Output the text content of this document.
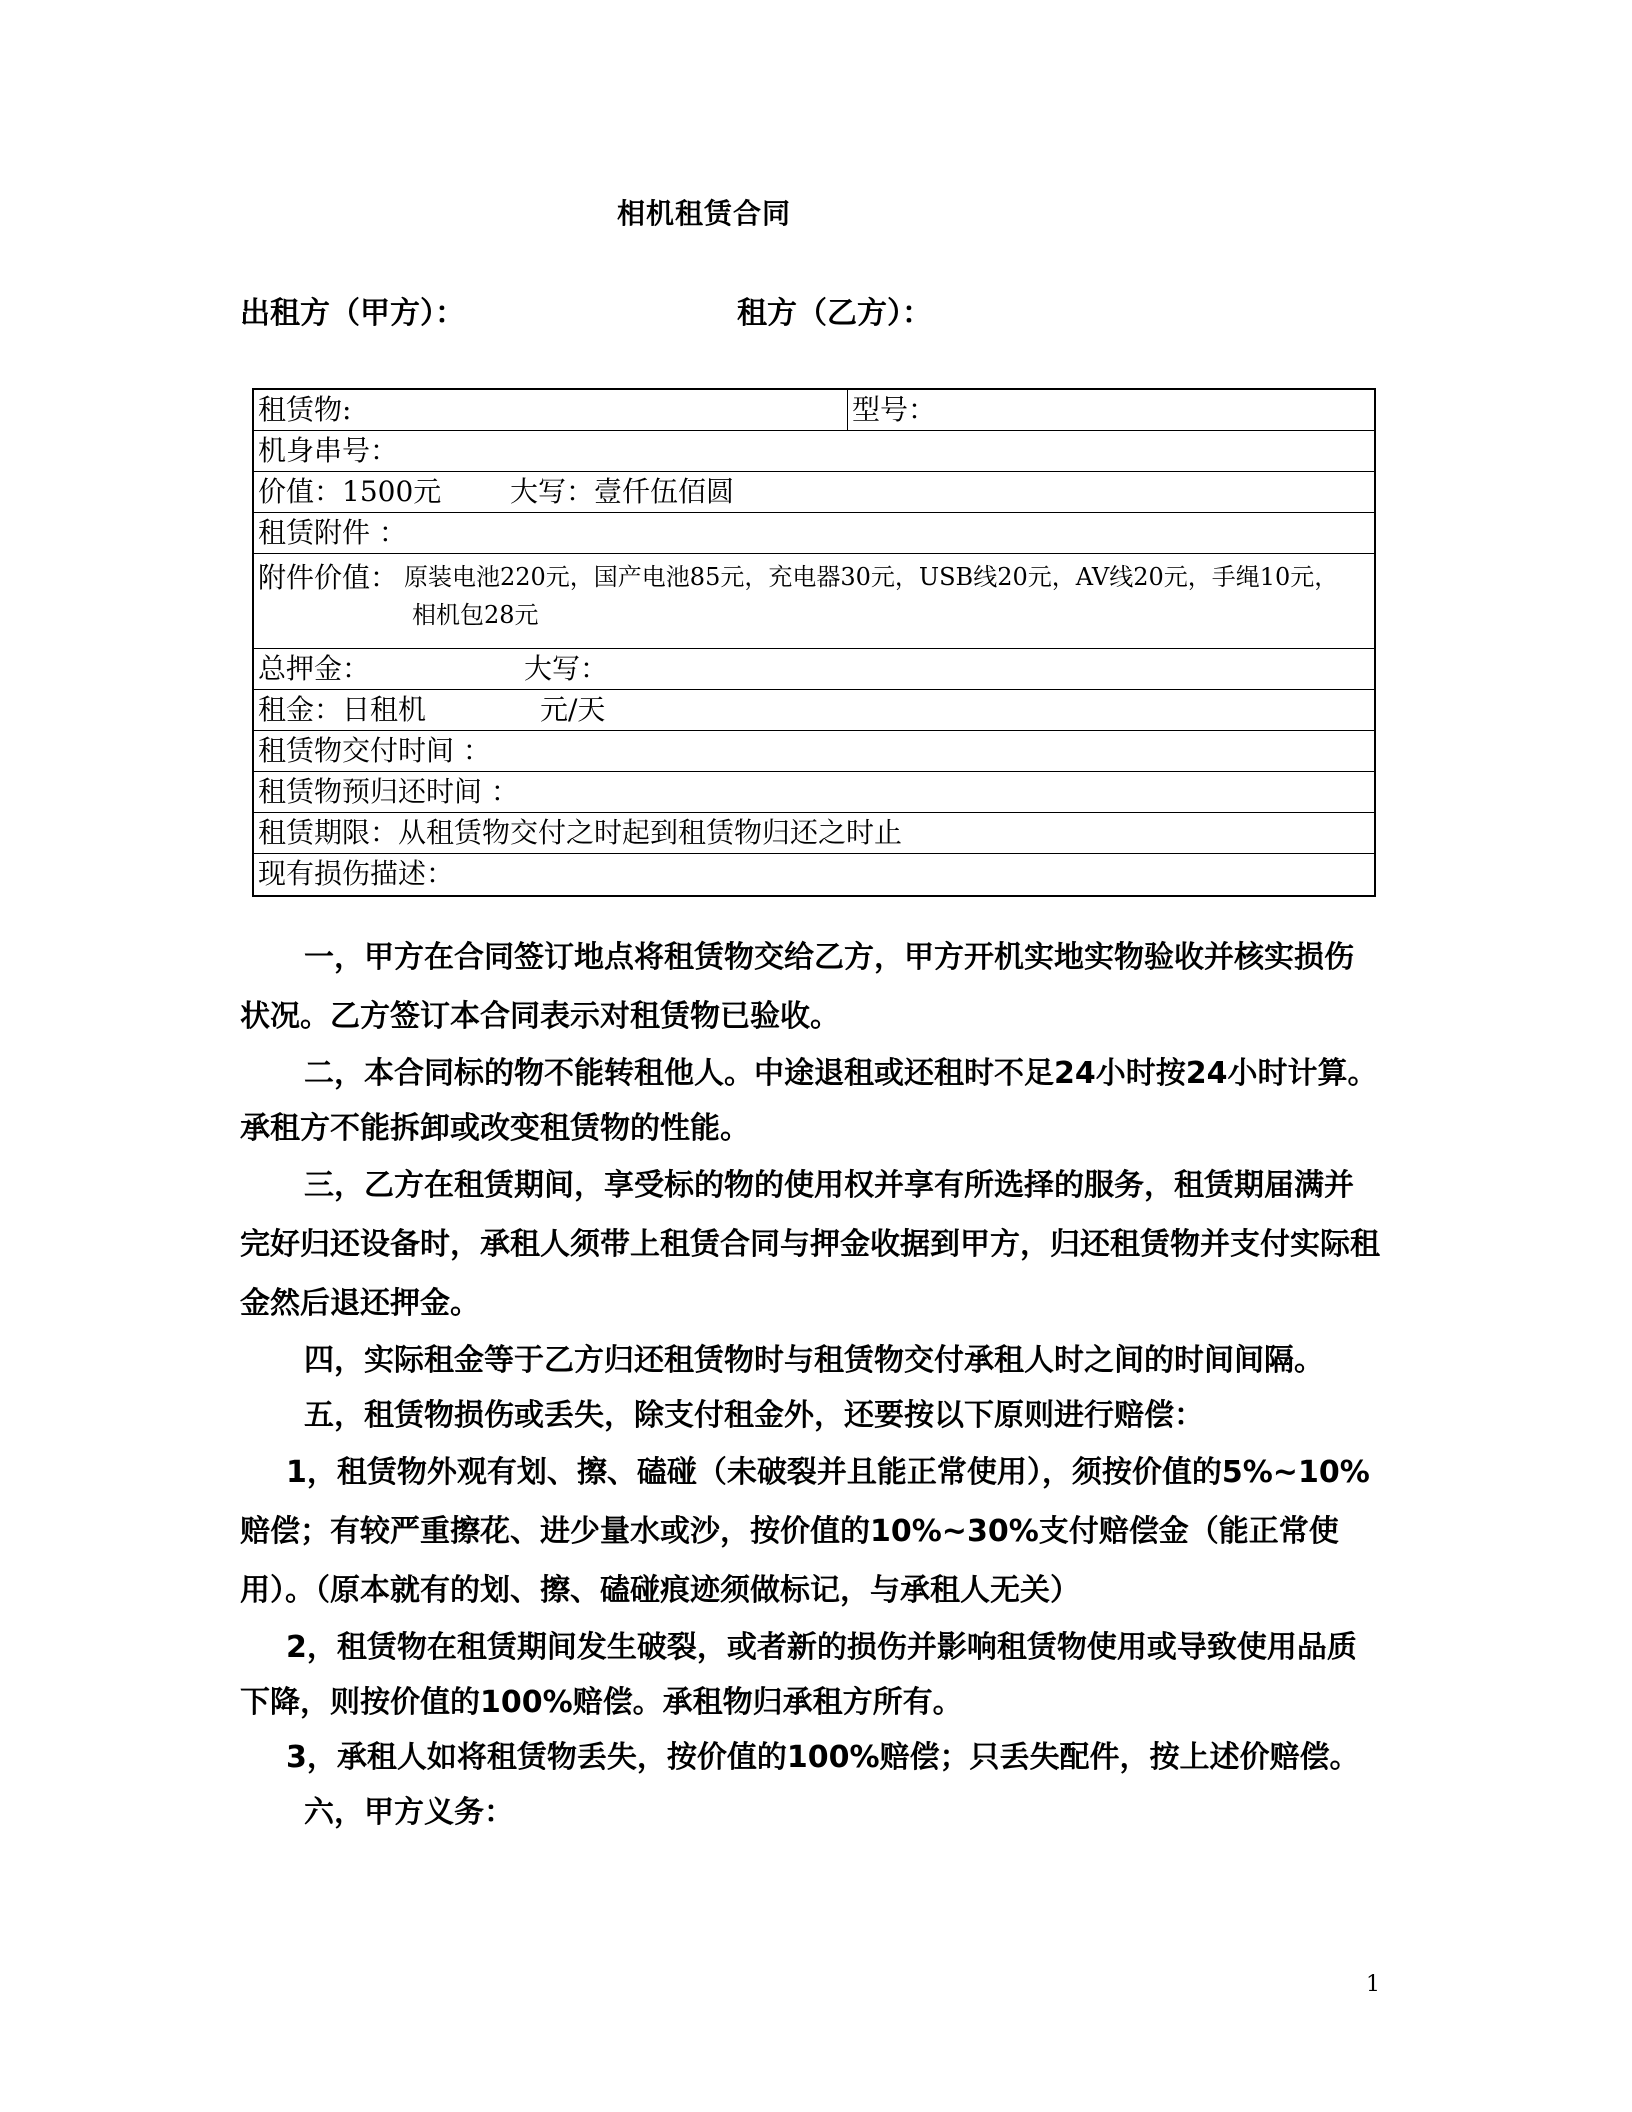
相机租赁合同
出租方（甲方）：	租方（乙方）：
租赁物:	型号：
机身串号：
价值：1500元 大写：壹仟伍佰圆
租赁附件 ：
附件价值： 原装电池220元，国产电池85元，充电器30元，USB线20元，AV线20元，手绳10元，
相机包28元
总押金：	大写：
租金：日租机	元/天
租赁物交付时间 ：
租赁物预归还时间 ：
租赁期限：从租赁物交付之时起到租赁物归还之时止
现有损伤描述：

一，甲方在合同签订地点将租赁物交给乙方，甲方开机实地实物验收并核实损伤状况。乙方签订本合同表示对租赁物已验收。

二，本合同标的物不能转租他人。中途退租或还租时不足24小时按24小时计算。承租方不能拆卸或改变租赁物的性能。

三，乙方在租赁期间，享受标的物的使用权并享有所选择的服务，租赁期届满并完好归还设备时，承租人须带上租赁合同与押金收据到甲方，归还租赁物并支付实际租金然后退还押金。

四，实际租金等于乙方归还租赁物时与租赁物交付承租人时之间的时间间隔。

五，租赁物损伤或丢失，除支付租金外，还要按以下原则进行赔偿：

1，租赁物外观有划、擦、磕碰（未破裂并且能正常使用），须按价值的5%~10%赔偿；有较严重擦花、进少量水或沙，按价值的10%~30%支付赔偿金（能正常使用）。（原本就有的划、擦、磕碰痕迹须做标记，与承租人无关）

2，租赁物在租赁期间发生破裂，或者新的损伤并影响租赁物使用或导致使用品质下降，则按价值的100%赔偿。承租物归承租方所有。

3，承租人如将租赁物丢失，按价值的100%赔偿；只丢失配件，按上述价赔偿。

六，甲方义务：

1
